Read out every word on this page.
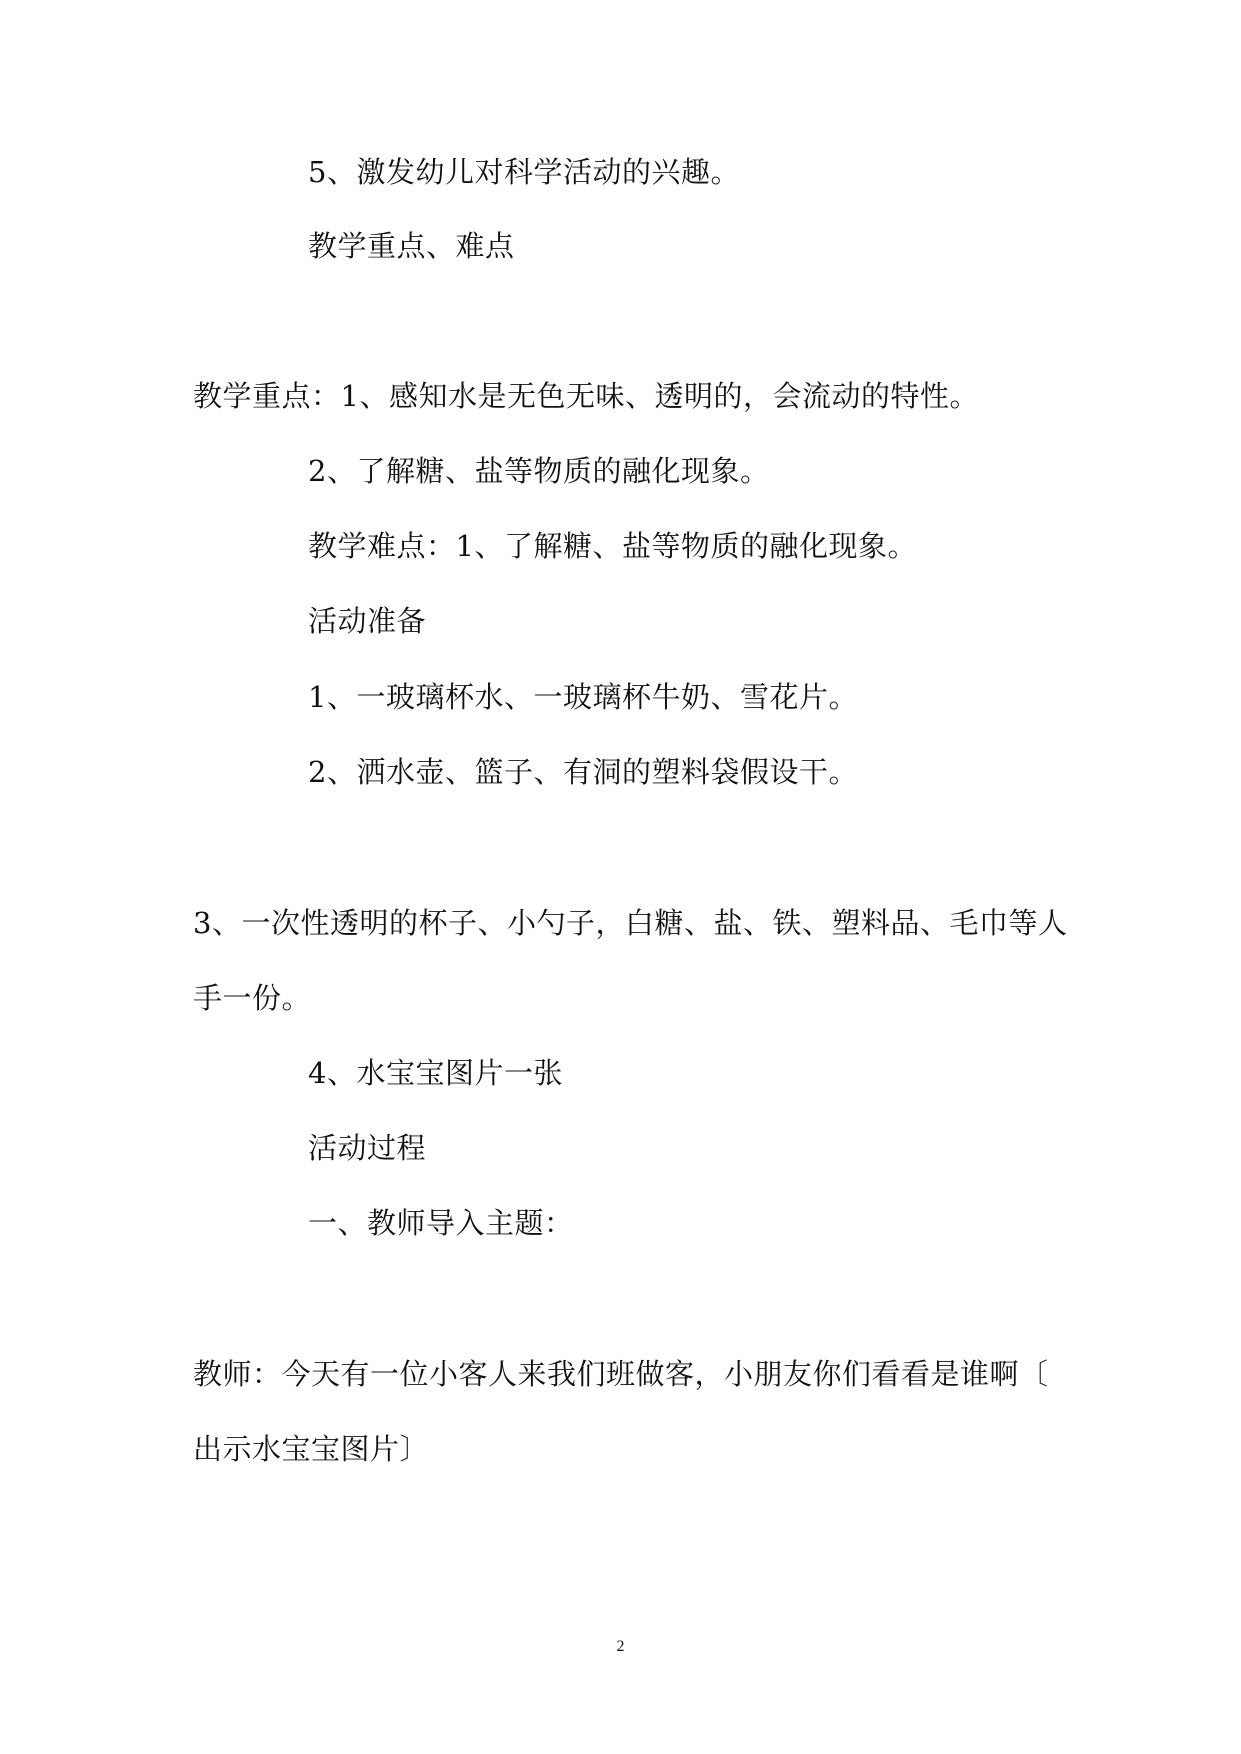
5、激发幼儿对科学活动的兴趣。
教学重点、难点
教学重点：1、感知水是无色无味、透明的，会流动的特性。
2、了解糖、盐等物质的融化现象。
教学难点：1、了解糖、盐等物质的融化现象。
活动准备
1、一玻璃杯水、一玻璃杯牛奶、雪花片。
2、洒水壶、篮子、有洞的塑料袋假设干。
3、一次性透明的杯子、小勺子，白糖、盐、铁、塑料品、毛巾等人
手一份。
4、水宝宝图片一张
活动过程
一、教师导入主题：
教师：今天有一位小客人来我们班做客，小朋友你们看看是谁啊〔
出示水宝宝图片〕
2
